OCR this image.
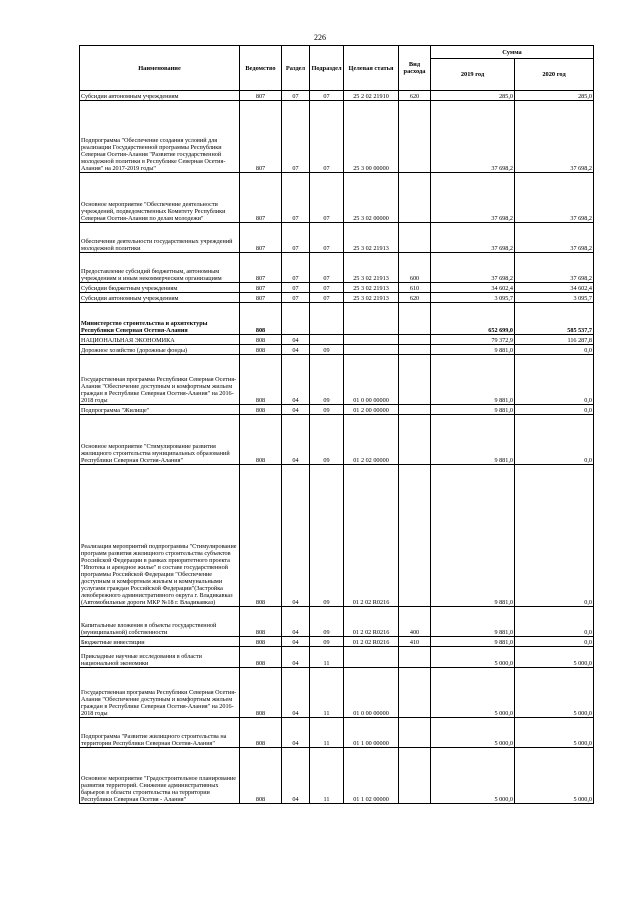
226
Наименование	Ведомство	Раздел	Подраздел	Целевая статья	Вид расхода	Сумма	
						2019 год	2020 год
Субсидии автономным учреждениям	807	07	07	25 2 02 21910	620	285,0	285,0
Подпрограмма "Обеспечение создания условий для реализации Государственной программы Республики Северная Осетия-Алания "Развитие государственной молодежной политики в Республике Северная Осетия-Алания" на 2017-2019 годы"	807	07	07	25 3 00 00000		37 698,2	37 698,2
Основное мероприятие "Обеспечение деятельности учреждений, подведомственных Комитету Республики Северная Осетия-Алания по делам молодежи"	807	07	07	25 3 02 00000		37 698,2	37 698,2
Обеспечение деятельности государственных учреждений молодежной политики	807	07	07	25 3 02 21913		37 698,2	37 698,2
Предоставление субсидий бюджетным, автономным учреждениям и иным некоммерческим организациям	807	07	07	25 3 02 21913	600	37 698,2	37 698,2
Субсидии бюджетным учреждениям	807	07	07	25 3 02 21913	610	34 602,4	34 602,4
Субсидии автономным учреждениям	807	07	07	25 3 02 21913	620	3 095,7	3 095,7
Министерство строительства и архитектуры Республики Северная Осетия-Алания	808					652 699,0	585 537,7
НАЦИОНАЛЬНАЯ ЭКОНОМИКА	808	04				79 372,9	116 287,8
Дорожное хозяйство (дорожные фонды)	808	04	09			9 881,0	0,0
Государственная программа Республики Северная Осетия-Алания "Обеспечение доступным и комфортным жильем граждан в Республике Северная Осетия-Алания" на 2016-2018 годы	808	04	09	01 0 00 00000		9 881,0	0,0
Подпрограмма "Жилище"	808	04	09	01 2 00 00000		9 881,0	0,0
Основное мероприятие "Стимулирование развития жилищного строительства муниципальных образований Республики Северная Осетия-Алания"	808	04	09	01 2 02 00000		9 881,0	0,0
Реализация мероприятий подпрограммы "Стимулирование программ развития жилищного строительства субъектов Российской Федерации в рамках приоритетного проекта "Ипотека и арендное жилье" в составе государственной программы Российской Федерации "Обеспечение доступным и комфортным жильем и коммунальными услугами граждан Российской Федерации"(Застройка левобережного административного округа г. Владикавказ (Автомобильные дороги МКР №18 г. Владикавказ)	808	04	09	01 2 02 R0216		9 881,0	0,0
Капитальные вложения в объекты государственной (муниципальной) собственности	808	04	09	01 2 02 R0216	400	9 881,0	0,0
Бюджетные инвестиции	808	04	09	01 2 02 R0216	410	9 881,0	0,0
Прикладные научные исследования в области национальной экономики	808	04	11			5 000,0	5 000,0
Государственная программа Республики Северная Осетия-Алания "Обеспечение доступным и комфортным жильем граждан в Республике Северная Осетия-Алания" на 2016-2018 годы	808	04	11	01 0 00 00000		5 000,0	5 000,0
Подпрограмма "Развитие жилищного строительства на территории Республики Северная Осетия-Алания"	808	04	11	01 1 00 00000		5 000,0	5 000,0
Основное мероприятие "Градостроительное планирование развития территорий. Снижение административных барьеров в области строительства на территории Республики Северная Осетия - Алания"	808	04	11	01 1 02 00000		5 000,0	5 000,0
